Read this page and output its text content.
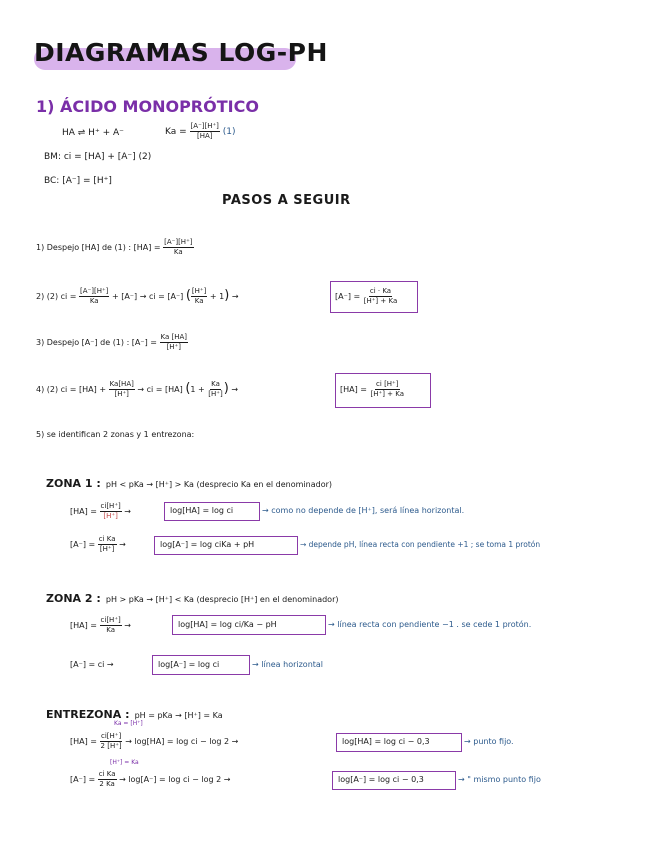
DIAGRAMAS LOG-PH
1) ÁCIDO MONOPRÓTICO
HA ⇌ H⁺ + A⁻	$Ka = \frac{[A^-][H^+]}{[HA]} (1)$
BM: ci = [HA] + [A⁻] (2)
BC: [A⁻] = [H⁺]
PASOS A SEGUIR
1) Despejo [HA] de (1) : $[HA] = \frac{[A^-][H^+]}{Ka}$
2) (2) ci = $\frac{[A^-][H^+]}{Ka} + [A^-]$ → ci = [A⁻] ( $\frac{[H^+]}{Ka} + 1$) →	$[A^-] = \frac{ci \cdot Ka}{[H^+] + Ka}$
3) Despejo [A⁻] de (1) : $[A^-] = \frac{Ka [HA]}{[H^+]}$
4) (2) ci = $[HA] + \frac{Ka[HA]}{[H^+]}$ → ci = [HA] ($1 + \frac{Ka}{[H^+]}$ ) →	$[HA] = \frac{ci [H^+]}{[H^+] + Ka}$
5) se identifican 2 zonas y 1 entrezona:
ZONA 1 : pH < pKa → [H⁺] > Ka (desprecio Ka en el denominador)
$[HA] = \frac{ci[H^+]}{[H^+]}$ →	log[HA] = log ci	→ como no depende de [H⁺], será línea horizontal.
$[A^-] = \frac{\text{ci Ka}}{[H^+]}$ →	log[A⁻] = log ciKa + pH	→ depende pH, línea recta con pendiente +1 ; se toma 1 protón
ZONA 2 : pH > pKa → [H⁺] < Ka (desprecio [H⁺] en el denominador)
$[HA] = \frac{ci[H^+]}{Ka}$ →	log[HA] = log ci/Ka − pH	→ línea recta con pendiente −1 . se cede 1 protón.
[A⁻] = ci →	log[A⁻] = log ci	→ línea horizontal
ENTREZONA : pH = pKa → [H⁺] = Ka
Ka = [H⁺]
$[HA] = \frac{ci[H^+]}{2 [H^+]} \to \log[HA] = \log$ ci − log 2 →	log[HA] = log ci − 0,3	→ punto fijo.
[H⁺] = Ka
$[A^-] = \frac{\text{ci Ka}}{2 Ka} \to \log[A^-] = \log$ ci − log 2 →	log[A⁻] = log ci − 0,3	→ " mismo punto fijo
